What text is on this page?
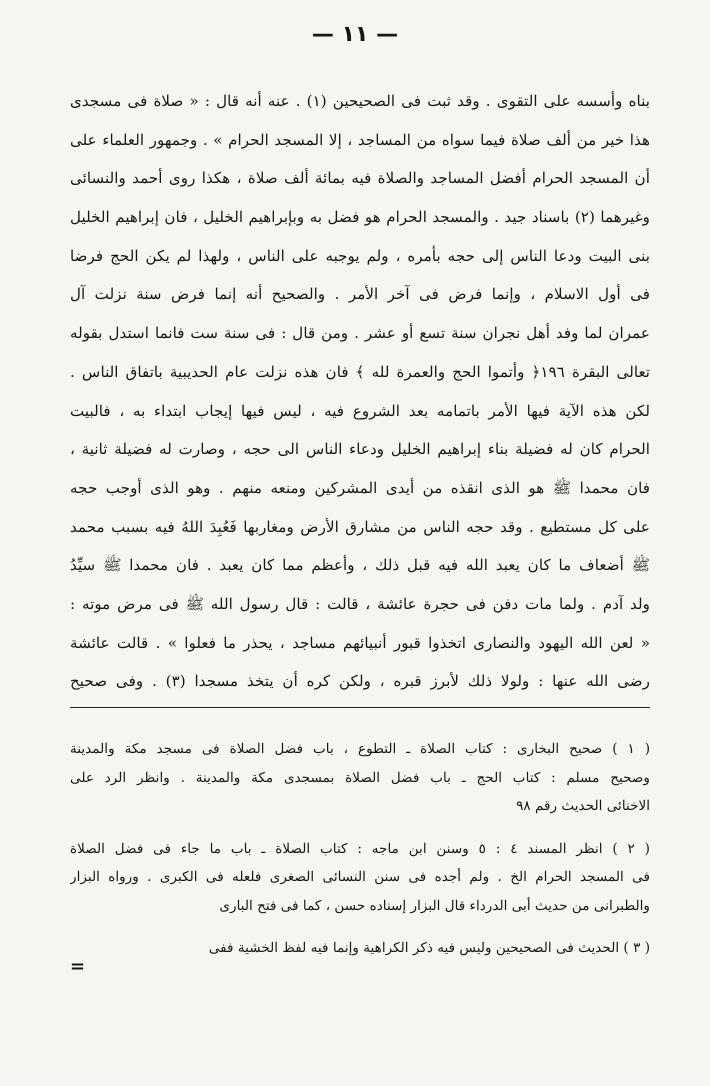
— ١١ —
بناه وأسسه على التقوى . وقد ثبت فى الصحيحين (١) . عنه أنه قال : « صلاة فى مسجدى
هذا خير من ألف صلاة فيما سواه من المساجد ، إلا المسجد الحرام » . وجمهور العلماء على
أن المسجد الحرام أفضل المساجد والصلاة فيه بمائة ألف صلاة ، هكذا روى أحمد والنسائى
وغيرهما (٢) باسناد جيد . والمسجد الحرام هو فضل به وبإبراهيم الخليل ، فان إبراهيم الخليل
بنى البيت ودعا الناس إلى حجه بأمره ، ولم يوجبه على الناس ، ولهذا لم يكن الحج فرضا
فى أول الاسلام ، وإنما فرض فى آخر الأمر . والصحيح أنه إنما فرض سنة نزلت آل
عمران لما وفد أهل نجران سنة تسع أو عشر . ومن قال : فى سنة ست فانما استدل بقوله
تعالى البقرة ١٩٦﴿ وأتموا الحج والعمرة لله ﴾ فان هذه نزلت عام الحديبية باتفاق الناس .
لكن هذه الآية فيها الأمر باتمامه بعد الشروع فيه ، ليس فيها إيجاب ابتداء به ، فالبيت
الحرام كان له فضيلة بناء إبراهيم الخليل ودعاء الناس الى حجه ، وصارت له فضيلة ثانية ،
فان محمدا ﷺ هو الذى انقذه من أيدى المشركين ومنعه منهم . وهو الذى أوجب حجه
على كل مستطيع . وقد حجه الناس من مشارق الأرض ومغاربها فَعُبِدَ اللهُ فيه بسبب محمد
ﷺ أضعاف ما كان يعبد الله فيه قبل ذلك ، وأعظم مما كان يعبد . فان محمدا ﷺ سيِّدُ
ولد آدم . ولما مات دفن فى حجرة عائشة ، قالت : قال رسول الله ﷺ فى مرض موته :
« لعن الله اليهود والنصارى اتخذوا قبور أنبيائهم مساجد ، يحذر ما فعلوا » . قالت عائشة
رضى الله عنها : ولولا ذلك لأبرز قبره ، ولكن كره أن يتخذ مسجدا (٣) . وفى صحيح
( ١ ) صحيح البخارى : كتاب الصلاة ـ التطوع ، باب فضل الصلاة فى مسجد مكة والمدينة
وصحيح مسلم : كتاب الحج ـ باب فضل الصلاة بمسجدى مكة والمدينة . وانظر الرد على
الاخنائى الحديث رقم ٩٨
( ٢ ) انظر المسند ٤ : ٥ وسنن ابن ماجه : كتاب الصلاة ـ باب ما جاء فى فضل الصلاة
فى المسجد الحرام الخ . ولم أجده فى سنن النسائى الصغرى فلعله فى الكبرى . ورواه البزار
والطبرانى من حديث أبى الدرداء قال البزار إسناده حسن ، كما فى فتح البارى
( ٣ ) الحديث فى الصحيحين وليس فيه ذكر الكراهية وإنما فيه لفظ الخشية ففى
=
